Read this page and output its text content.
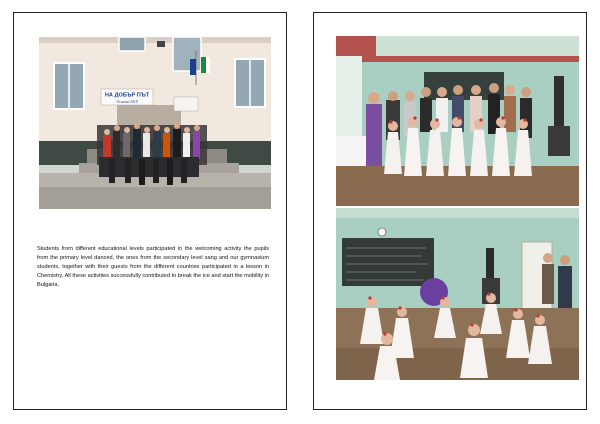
НА ДОБЪР ПЪТ
Основно 2018
Students from different educational levels participated in the welcoming activity the pupils from the primary level danced, the ones from the secondary level sang and our gymnasium students, together with their guests from the different countries participated in a lesson in Chemistry. All these activities successfully contributed to break the ice and start the mobility in Bulgaria.
